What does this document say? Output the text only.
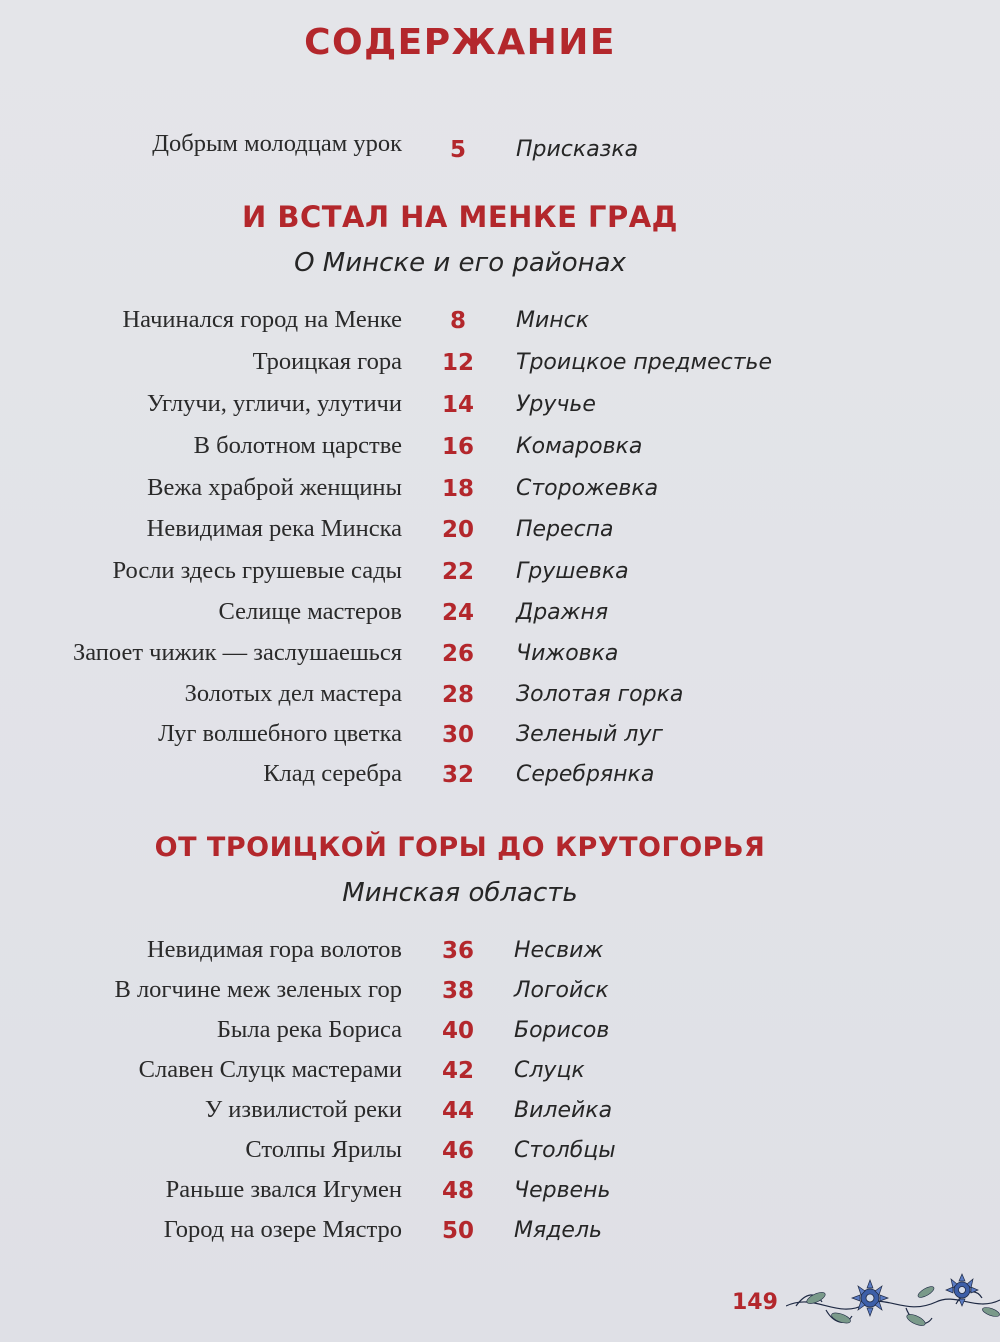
СОДЕРЖАНИЕ
Добрым молодцам урок	5	Присказка
И ВСТАЛ НА МЕНКЕ ГРАД
О Минске и его районах
Начинался город на Менке	8	Минск
Троицкая гора	12	Троицкое предместье
Углучи, угличи, улутичи	14	Уручье
В болотном царстве	16	Комаровка
Вежа храброй женщины	18	Сторожевка
Невидимая река Минска	20	Переспа
Росли здесь грушевые сады	22	Грушевка
Селище мастеров	24	Дражня
Запоет чижик — заслушаешься	26	Чижовка
Золотых дел мастера	28	Золотая горка
Луг волшебного цветка	30	Зеленый луг
Клад серебра	32	Серебрянка
ОТ ТРОИЦКОЙ ГОРЫ ДО КРУТОГОРЬЯ
Минская область
Невидимая гора волотов	36	Несвиж
В логчине меж зеленых гор	38	Логойск
Была река Бориса	40	Борисов
Славен Слуцк мастерами	42	Слуцк
У извилистой реки	44	Вилейка
Столпы Ярилы	46	Столбцы
Раньше звался Игумен	48	Червень
Город на озере Мястро	50	Мядель
149
